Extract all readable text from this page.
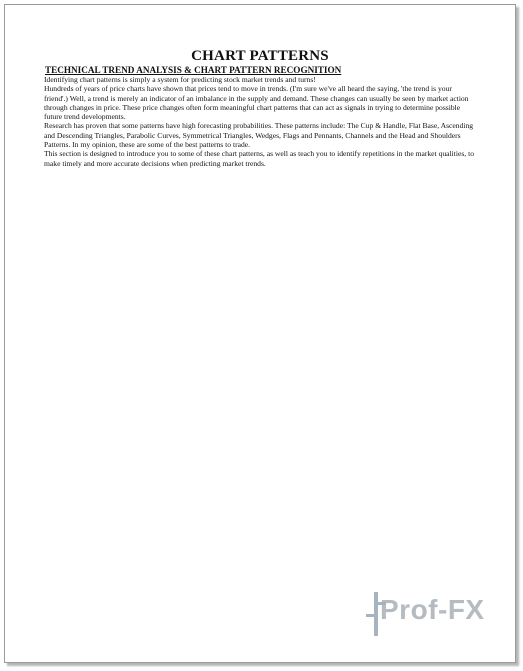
CHART PATTERNS
TECHNICAL TREND ANALYSIS & CHART PATTERN RECOGNITION

Identifying chart patterns is simply a system for predicting stock market trends and turns!

Hundreds of years of price charts have shown that prices tend to move in trends. (I'm sure we've all heard the saying, 'the trend is your friend'.) Well, a trend is merely an indicator of an imbalance in the supply and demand. These changes can usually be seen by market action through changes in price. These price changes often form meaningful chart patterns that can act as signals in trying to determine possible future trend developments.

Research has proven that some patterns have high forecasting probabilities. These patterns include: The Cup & Handle, Flat Base, Ascending and Descending Triangles, Parabolic Curves, Symmetrical Triangles, Wedges, Flags and Pennants, Channels and the Head and Shoulders Patterns. In my opinion, these are some of the best patterns to trade.

This section is designed to introduce you to some of these chart patterns, as well as teach you to identify repetitions in the market qualities, to make timely and more accurate decisions when predicting market trends.

Prof-FX
